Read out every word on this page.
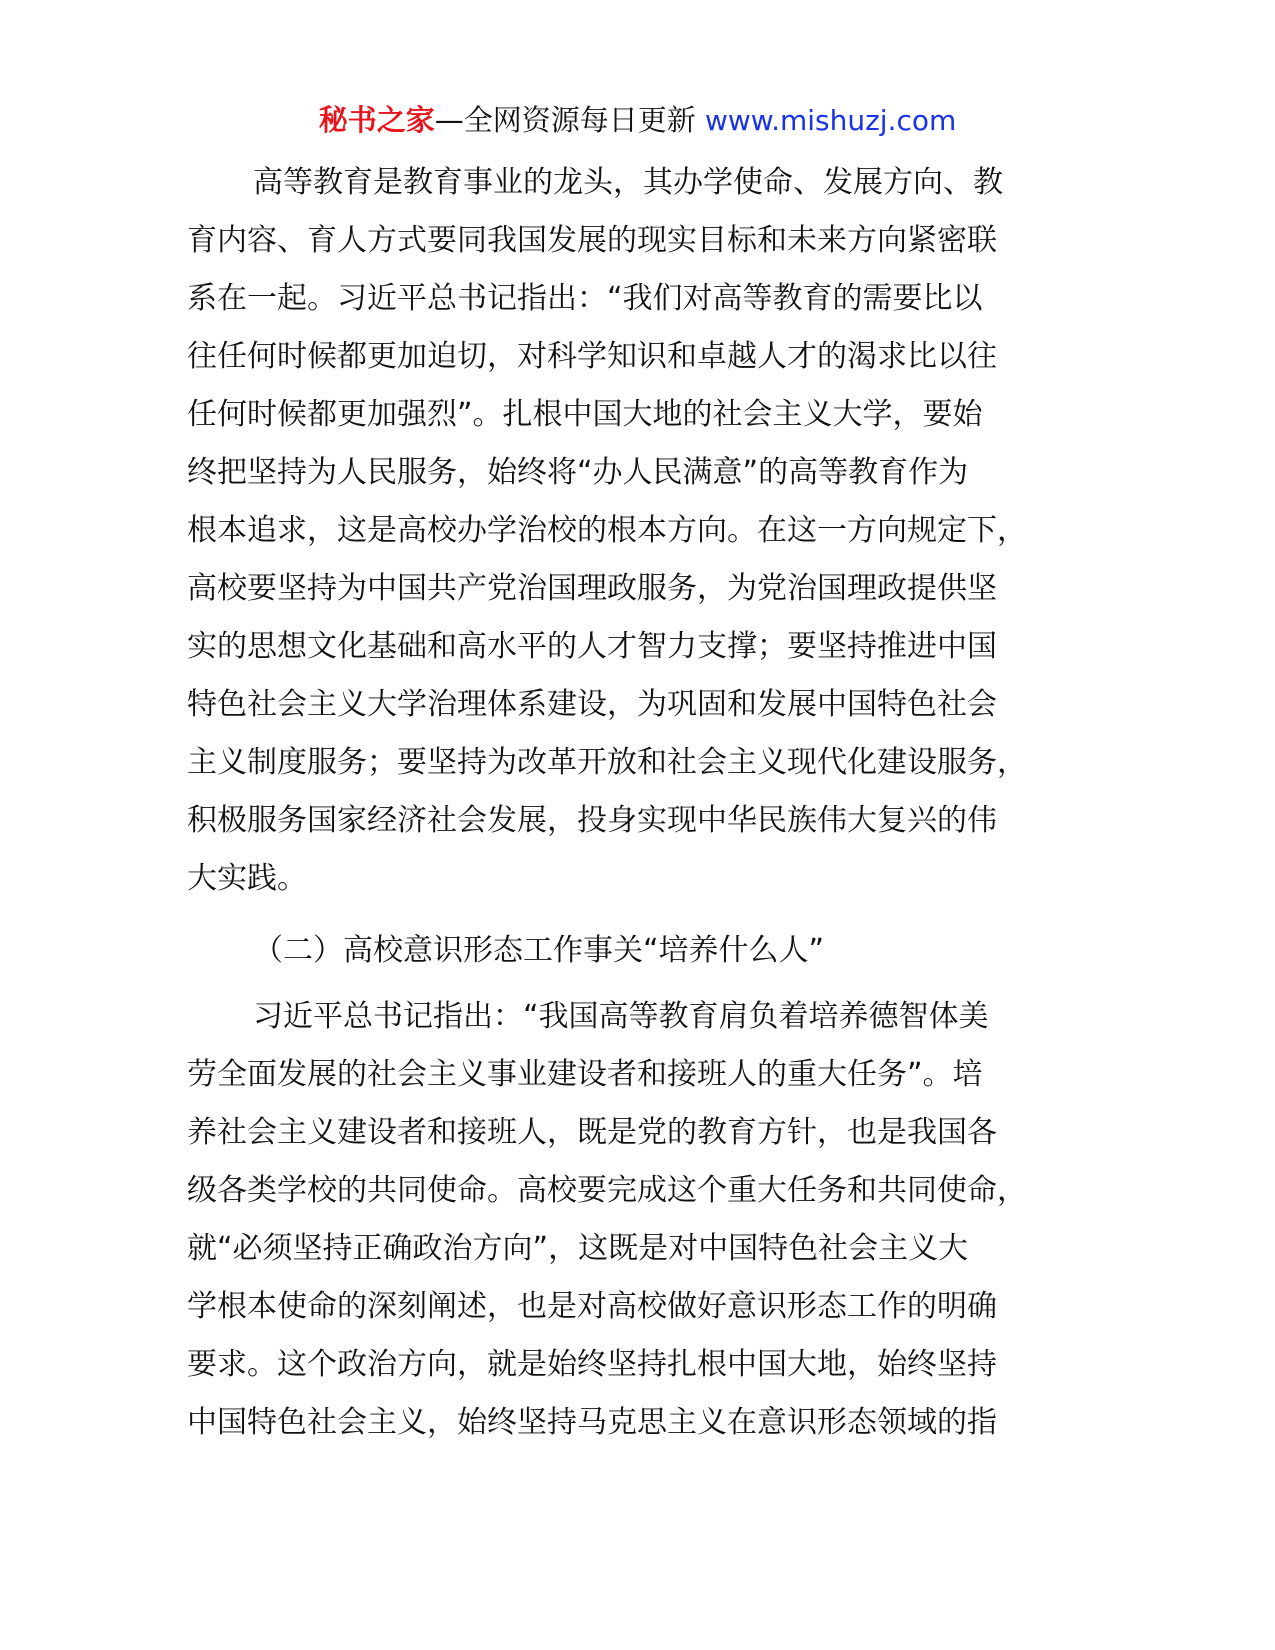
秘书之家—全网资源每日更新 www.mishuzj.com
高等教育是教育事业的龙头，其办学使命、发展方向、教
育内容、育人方式要同我国发展的现实目标和未来方向紧密联
系在一起。习近平总书记指出：“我们对高等教育的需要比以
往任何时候都更加迫切，对科学知识和卓越人才的渴求比以往
任何时候都更加强烈”。扎根中国大地的社会主义大学，要始
终把坚持为人民服务，始终将“办人民满意”的高等教育作为
根本追求，这是高校办学治校的根本方向。在这一方向规定下，
高校要坚持为中国共产党治国理政服务，为党治国理政提供坚
实的思想文化基础和高水平的人才智力支撑；要坚持推进中国
特色社会主义大学治理体系建设，为巩固和发展中国特色社会
主义制度服务；要坚持为改革开放和社会主义现代化建设服务，
积极服务国家经济社会发展，投身实现中华民族伟大复兴的伟
大实践。
（二）高校意识形态工作事关“培养什么人”
习近平总书记指出：“我国高等教育肩负着培养德智体美
劳全面发展的社会主义事业建设者和接班人的重大任务”。培
养社会主义建设者和接班人，既是党的教育方针，也是我国各
级各类学校的共同使命。高校要完成这个重大任务和共同使命，
就“必须坚持正确政治方向”，这既是对中国特色社会主义大
学根本使命的深刻阐述，也是对高校做好意识形态工作的明确
要求。这个政治方向，就是始终坚持扎根中国大地，始终坚持
中国特色社会主义，始终坚持马克思主义在意识形态领域的指
